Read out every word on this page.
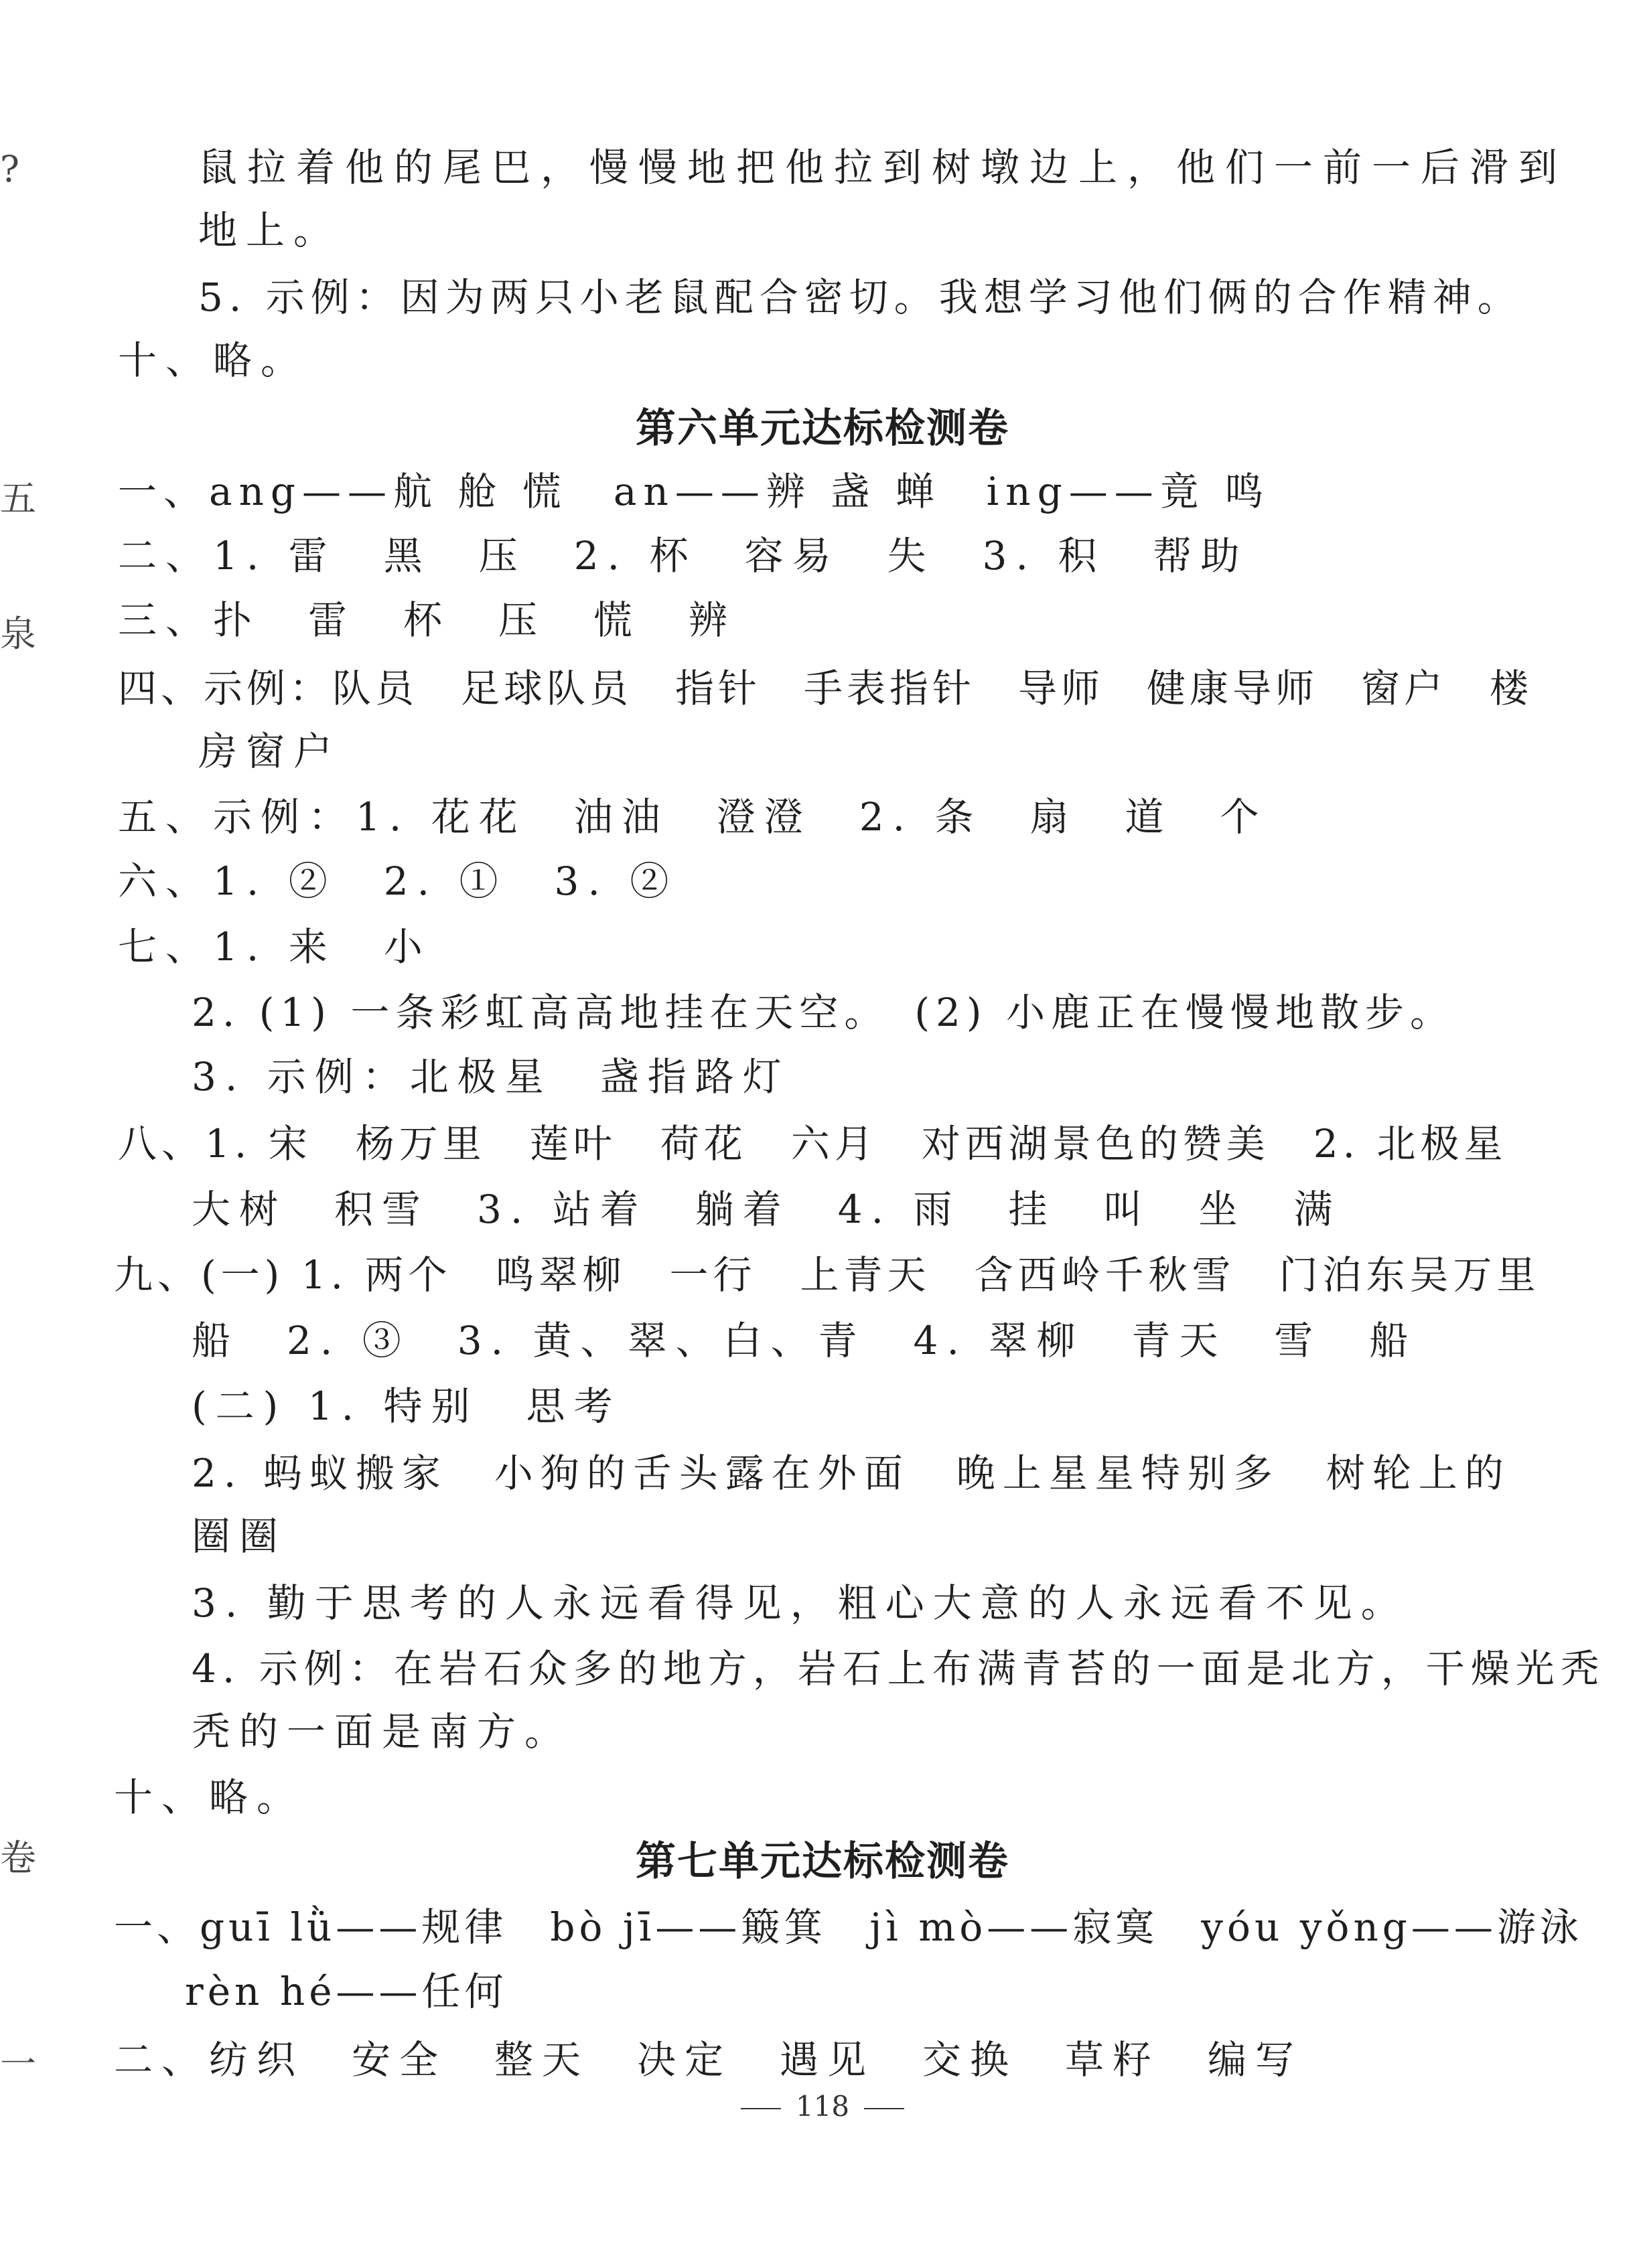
?
五
泉
卷
一
鼠拉着他的尾巴，慢慢地把他拉到树墩边上，他们一前一后滑到
地上。
5. 示例：因为两只小老鼠配合密切。我想学习他们俩的合作精神。
十、略。
第六单元达标检测卷
一、ang——航 舱 慌　an——辨 盏 蝉　ing——竟 鸣
二、1. 雷　黑　压　2. 杯　容易　失　3. 积　帮助
三、扑　雷　杯　压　慌　辨
四、示例：队员　足球队员　指针　手表指针　导师　健康导师　窗户　楼
房窗户
五、示例：1. 花花　油油　澄澄　2. 条　扇　道　个
六、1. ②　2. ①　3. ②
七、1. 来　小
2. (1) 一条彩虹高高地挂在天空。　(2) 小鹿正在慢慢地散步。
3. 示例：北极星　盏指路灯
八、1. 宋　杨万里　莲叶　荷花　六月　对西湖景色的赞美　2. 北极星
大树　积雪　3. 站着　躺着　4. 雨　挂　叫　坐　满
九、(一) 1. 两个　鸣翠柳　一行　上青天　含西岭千秋雪　门泊东吴万里
船　2. ③　3. 黄、翠、白、青　4. 翠柳　青天　雪　船
(二) 1. 特别　思考
2. 蚂蚁搬家　小狗的舌头露在外面　晚上星星特别多　树轮上的
圈圈
3. 勤于思考的人永远看得见，粗心大意的人永远看不见。
4. 示例：在岩石众多的地方，岩石上布满青苔的一面是北方，干燥光秃
秃的一面是南方。
十、略。
第七单元达标检测卷
一、guī lǜ——规律　bò jī——簸箕　jì mò——寂寞　yóu yǒng——游泳
rèn hé——任何
二、纺织　安全　整天　决定　遇见　交换　草籽　编写
118
